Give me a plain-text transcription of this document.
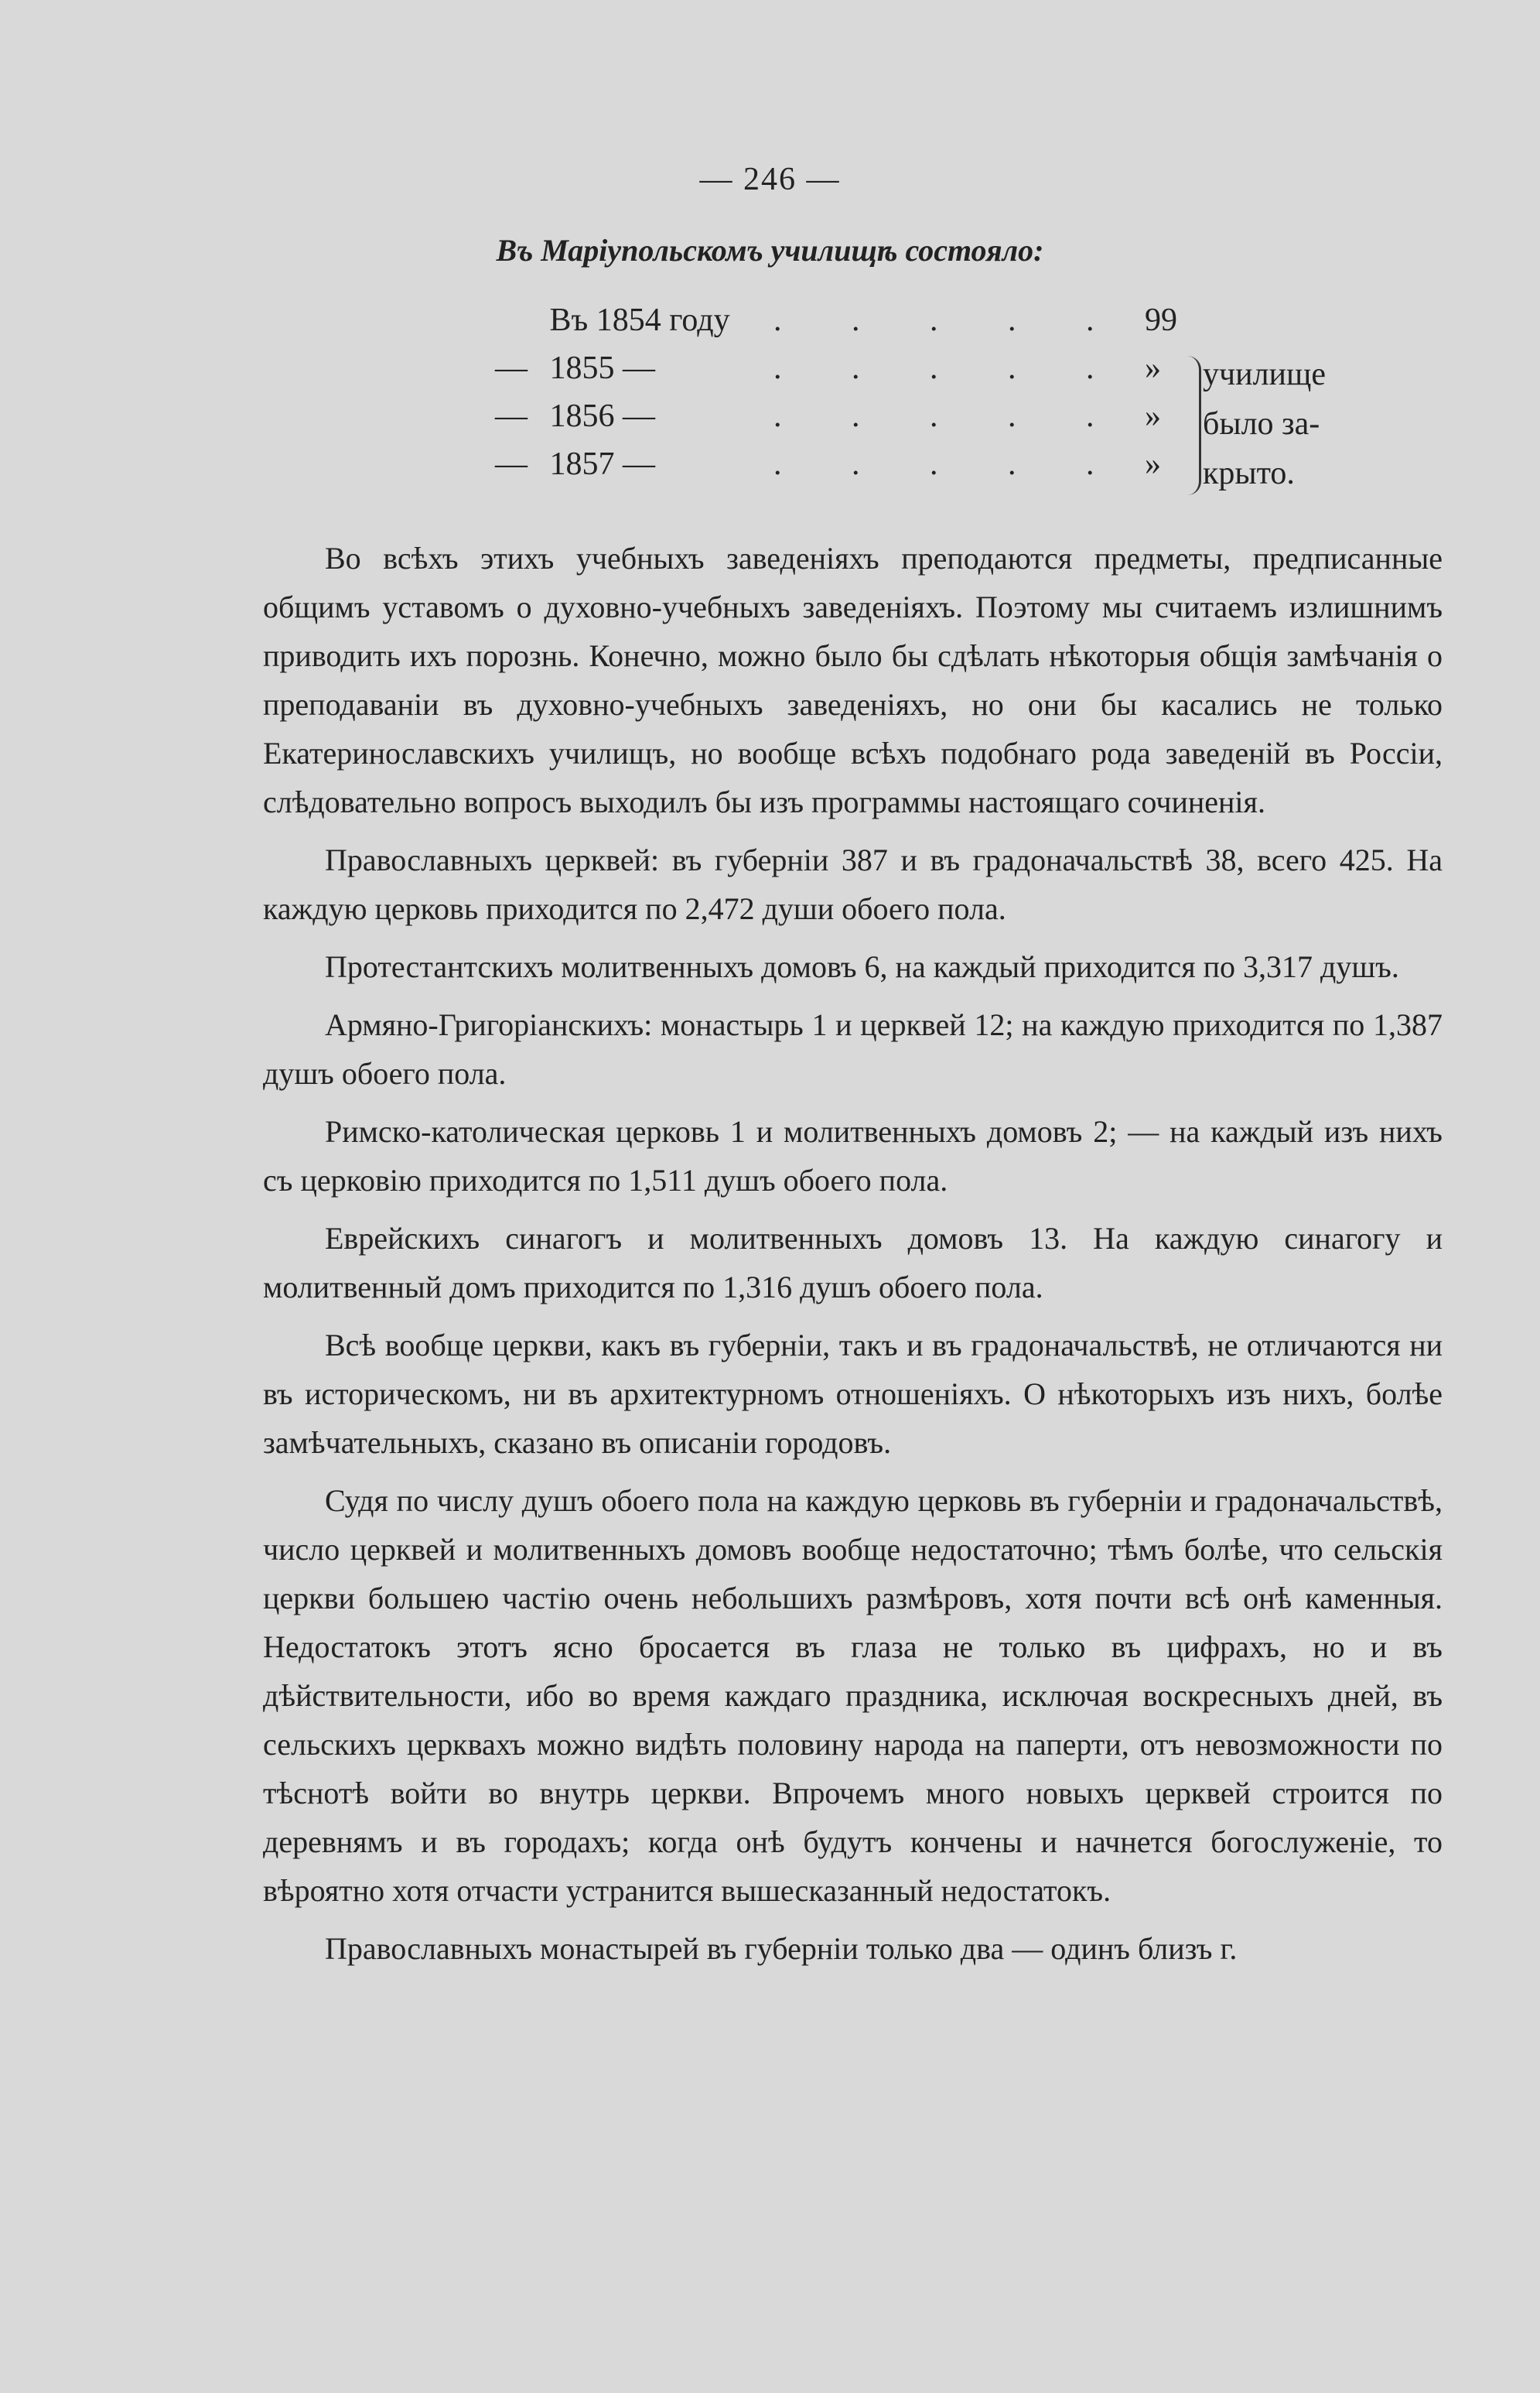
— 246 —
Въ Маріупольскомъ училищѣ состояло:
Въ 1854 году . . . . . 99
— 1855 —	. . . . . »
— 1856 —	. . . . . »
— 1857 —	. . . . . »
училище
было за-
крыто.

Во всѣхъ этихъ учебныхъ заведеніяхъ преподаются предметы, предписанные общимъ уставомъ о духовно-учебныхъ заведеніяхъ. Поэтому мы считаемъ излишнимъ приводить ихъ порознь. Конечно, можно было бы сдѣлать нѣкоторыя общія замѣчанія о преподаваніи въ духовно-учебныхъ заведеніяхъ, но они бы касались не только Екатеринославскихъ училищъ, но вообще всѣхъ подобнаго рода заведеній въ Россіи, слѣдовательно вопросъ выходилъ бы изъ программы настоящаго сочиненія.

Православныхъ церквей: въ губерніи 387 и въ градоначальствѣ 38, всего 425. На каждую церковь приходится по 2,472 души обоего пола.

Протестантскихъ молитвенныхъ домовъ 6, на каждый приходится по 3,317 душъ.

Армяно-Григоріанскихъ: монастырь 1 и церквей 12; на каждую приходится по 1,387 душъ обоего пола.

Римско-католическая церковь 1 и молитвенныхъ домовъ 2; — на каждый изъ нихъ съ церковію приходится по 1,511 душъ обоего пола.

Еврейскихъ синагогъ и молитвенныхъ домовъ 13. На каждую синагогу и молитвенный домъ приходится по 1,316 душъ обоего пола.

Всѣ вообще церкви, какъ въ губерніи, такъ и въ градоначальствѣ, не отличаются ни въ историческомъ, ни въ архитектурномъ отношеніяхъ. О нѣкоторыхъ изъ нихъ, болѣе замѣчательныхъ, сказано въ описаніи городовъ.

Судя по числу душъ обоего пола на каждую церковь въ губерніи и градоначальствѣ, число церквей и молитвенныхъ домовъ вообще недостаточно; тѣмъ болѣе, что сельскія церкви большею частію очень небольшихъ размѣровъ, хотя почти всѣ онѣ каменныя. Недостатокъ этотъ ясно бросается въ глаза не только въ цифрахъ, но и въ дѣйствительности, ибо во время каждаго праздника, исключая воскресныхъ дней, въ сельскихъ церквахъ можно видѣть половину народа на паперти, отъ невозможности по тѣснотѣ войти во внутрь церкви. Впрочемъ много новыхъ церквей строится по деревнямъ и въ городахъ; когда онѣ будутъ кончены и начнется богослуженіе, то вѣроятно хотя отчасти устранится вышесказанный недостатокъ.

Православныхъ монастырей въ губерніи только два — одинъ близъ г.
